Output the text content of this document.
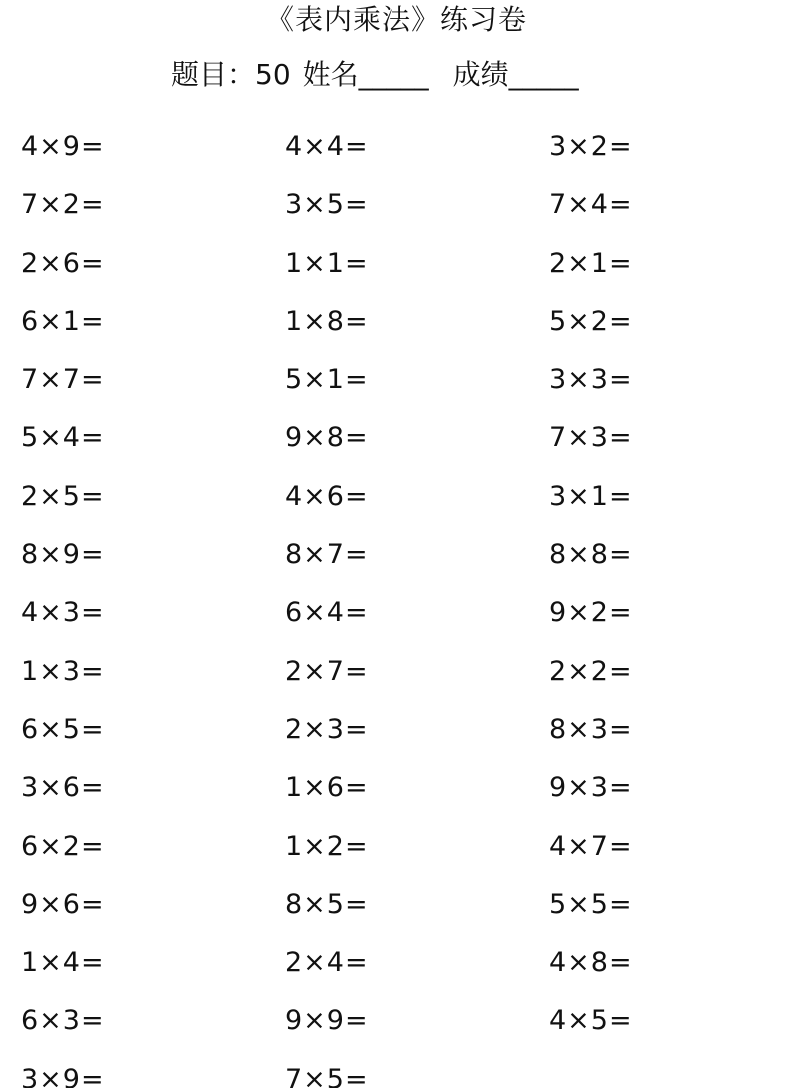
《表内乘法》练习卷
题目：50 姓名_____ 成绩_____
4×9=	4×4=	3×2=
7×2=	3×5=	7×4=
2×6=	1×1=	2×1=
6×1=	1×8=	5×2=
7×7=	5×1=	3×3=
5×4=	9×8=	7×3=
2×5=	4×6=	3×1=
8×9=	8×7=	8×8=
4×3=	6×4=	9×2=
1×3=	2×7=	2×2=
6×5=	2×3=	8×3=
3×6=	1×6=	9×3=
6×2=	1×2=	4×7=
9×6=	8×5=	5×5=
1×4=	2×4=	4×8=
6×3=	9×9=	4×5=
3×9=	7×5=
